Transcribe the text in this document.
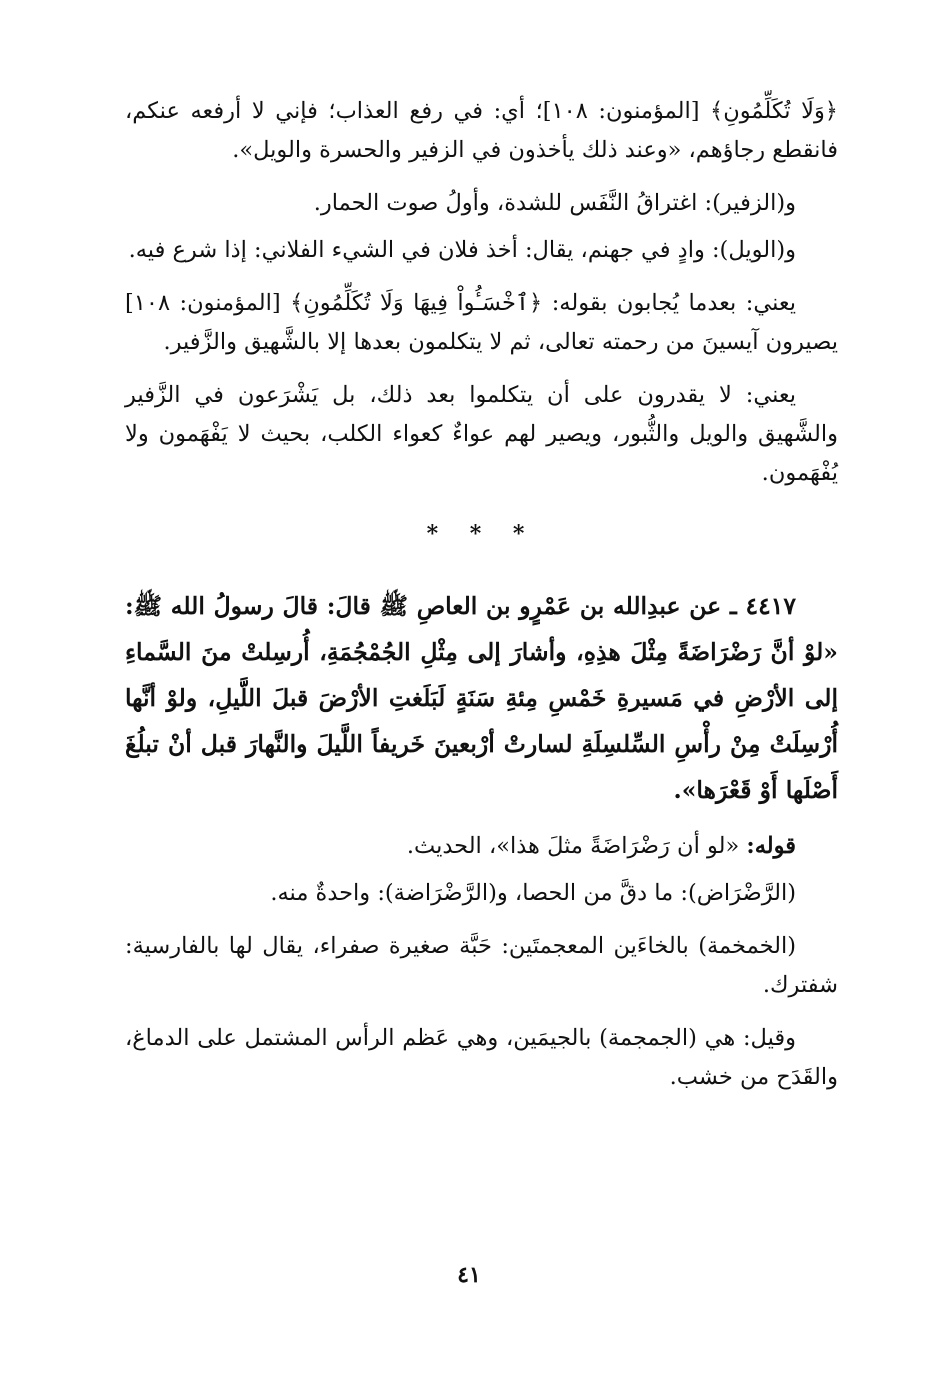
﴿وَلَا تُكَلِّمُونِ﴾ [المؤمنون: ١٠٨]؛ أي: في رفع العذاب؛ فإني لا أرفعه عنكم، فانقطع رجاؤهم، «وعند ذلك يأخذون في الزفير والحسرة والويل».

و(الزفير): اغتراقُ النَّفَس للشدة، وأولُ صوت الحمار.

و(الويل): وادٍ في جهنم، يقال: أخذ فلان في الشيء الفلاني: إذا شرع فيه.

يعني: بعدما يُجابون بقوله: ﴿ٱخْسَـُٔواْ فِيهَا وَلَا تُكَلِّمُونِ﴾ [المؤمنون: ١٠٨] يصيرون آيسينَ من رحمته تعالى، ثم لا يتكلمون بعدها إلا بالشَّهيق والزَّفير.

يعني: لا يقدرون على أن يتكلموا بعد ذلك، بل يَشْرَعون في الزَّفير والشَّهيق والويل والثُّبور، ويصير لهم عواءٌ كعواء الكلب، بحيث لا يَفْهَمون ولا يُفْهَمون.

* * *

٤٤١٧ ـ عن عبدِالله بن عَمْرٍو بن العاصِ ﷺ قالَ: قالَ رسولُ الله ﷺ: «لوْ أنَّ رَضْرَاضَةً مِثْلَ هذِهِ، وأشارَ إلى مِثْلِ الجُمْجُمَةِ، أُرسِلتْ منَ السَّماءِ إلى الأرْضِ في مَسيرةِ خَمْسِ مِئةِ سَنَةٍ لَبَلَغتِ الأرْضَ قبلَ اللَّيلِ، ولوْ أنَّها أُرْسِلَتْ مِنْ رأْسِ السِّلسِلَةِ لسارتْ أرْبعينَ خَريفاً اللَّيلَ والنَّهارَ قبل أنْ تبلُغَ أَصْلَها أَوْ قَعْرَها».

قوله: «لو أن رَضْرَاضَةً مثلَ هذا»، الحديث.

(الرَّضْرَاض): ما دقَّ من الحصا، و(الرَّضْرَاضة): واحدةٌ منه.

(الخمخمة) بالخاءَين المعجمتَين: حَبَّة صغيرة صفراء، يقال لها بالفارسية: شفترك.

وقيل: هي (الجمجمة) بالجيمَين، وهي عَظم الرأس المشتمل على الدماغ، والقَدَح من خشب.

٤١
